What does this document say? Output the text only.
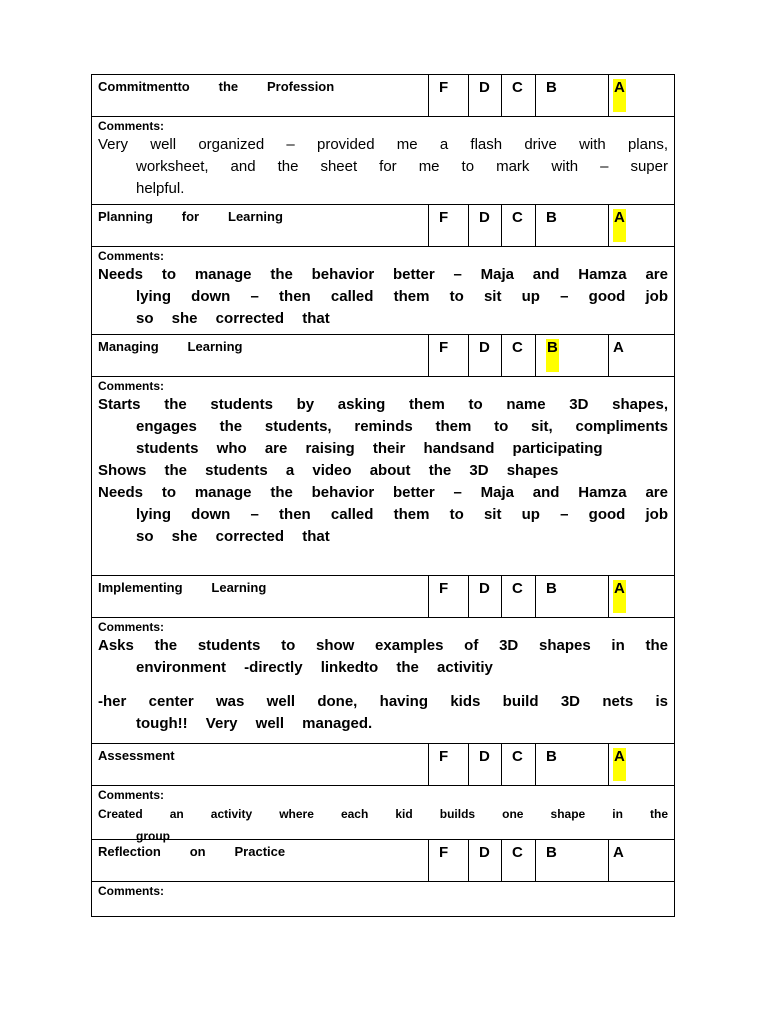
Commitmentto        the        Profession	F	D	C	B	A
Comments:
Very well organized – provided me a flash drive with plans, worksheet, and the sheet for me to mark with – super helpful.
Planning        for        Learning	F	D	C	B	A
Comments:
Needs to manage the behavior better – Maja and Hamza are lying down – then called them to sit up – good job so she corrected that
Managing        Learning	F	D	C	B	A
Comments:
Starts the students by asking them to name 3D shapes, engages the students, reminds them to sit, compliments students who are raising their handsand participating
Shows the students a video about the 3D shapes
Needs to manage the behavior better – Maja and Hamza are lying down – then called them to sit up – good job so she corrected that
Implementing        Learning	F	D	C	B	A
Comments:
Asks the students to show examples of 3D shapes in the environment -directly linkedto the activitiy
-her center was well done, having kids build 3D nets is tough!! Very well managed.
Assessment	F	D	C	B	A
Comments:
Created an activity where each kid builds one shape in the group
Reflection        on        Practice	F	D	C	B	A
Comments:
